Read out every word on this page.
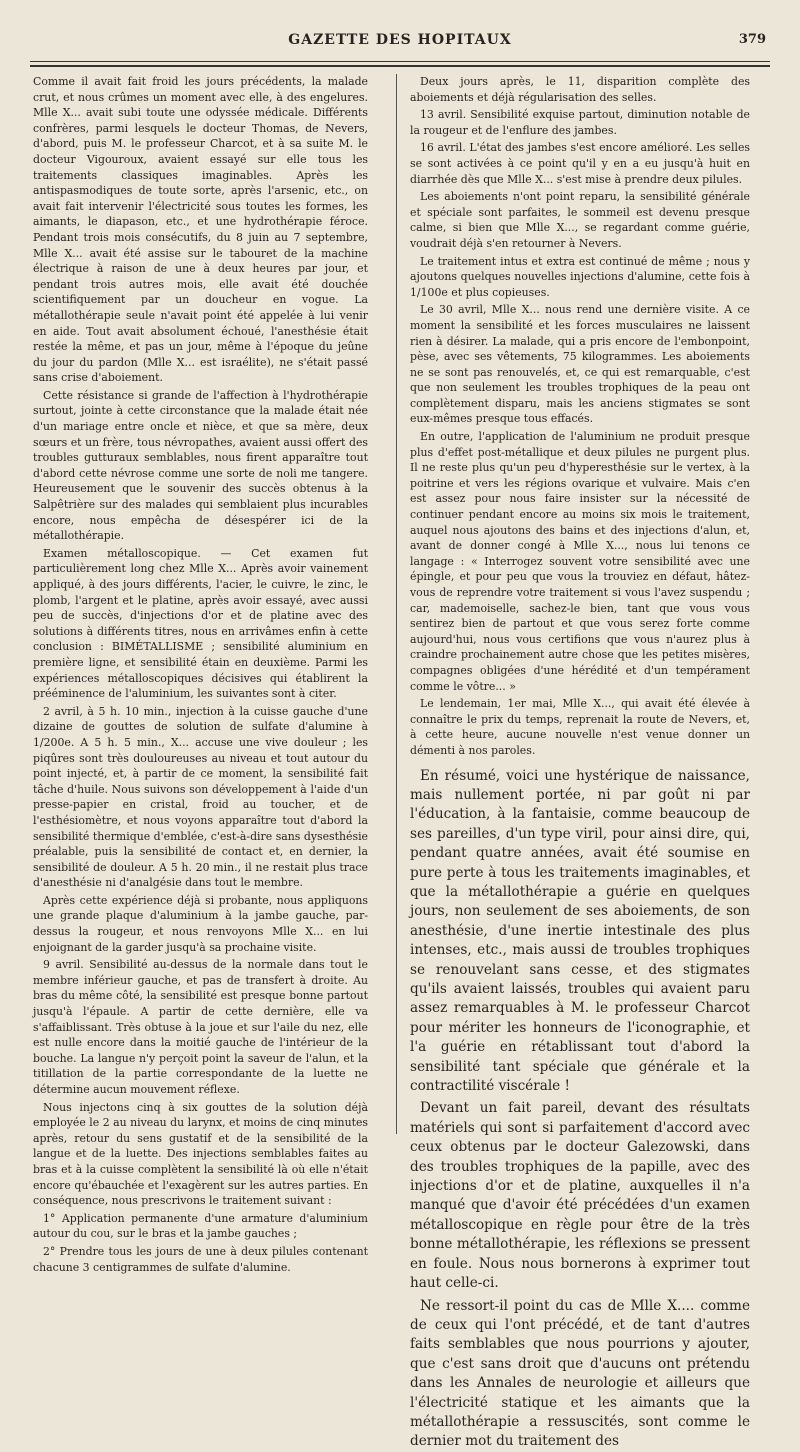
GAZETTE DES HOPITAUX	379

Comme il avait fait froid les jours précédents, la malade crut, et nous crûmes un moment avec elle, à des engelures. Mlle X... avait subi toute une odyssée médicale. Différents confrères, parmi lesquels le docteur Thomas, de Nevers, d'abord, puis M. le professeur Charcot, et à sa suite M. le docteur Vigouroux, avaient essayé sur elle tous les traitements classiques imaginables. Après les antispasmodiques de toute sorte, après l'arsenic, etc., on avait fait intervenir l'électricité sous toutes les formes, les aimants, le diapason, etc., et une hydrothérapie féroce. Pendant trois mois consécutifs, du 8 juin au 7 septembre, Mlle X... avait été assise sur le tabouret de la machine électrique à raison de une à deux heures par jour, et pendant trois autres mois, elle avait été douchée scientifiquement par un doucheur en vogue. La métallothérapie seule n'avait point été appelée à lui venir en aide. Tout avait absolument échoué, l'anesthésie était restée la même, et pas un jour, même à l'époque du jeûne du jour du pardon (Mlle X... est israélite), ne s'était passé sans crise d'aboiement.

Cette résistance si grande de l'affection à l'hydrothérapie surtout, jointe à cette circonstance que la malade était née d'un mariage entre oncle et nièce, et que sa mère, deux sœurs et un frère, tous névropathes, avaient aussi offert des troubles gutturaux semblables, nous firent apparaître tout d'abord cette névrose comme une sorte de noli me tangere. Heureusement que le souvenir des succès obtenus à la Salpêtrière sur des malades qui semblaient plus incurables encore, nous empêcha de désespérer ici de la métallothérapie.

Examen métalloscopique. — Cet examen fut particulièrement long chez Mlle X... Après avoir vainement appliqué, à des jours différents, l'acier, le cuivre, le zinc, le plomb, l'argent et le platine, après avoir essayé, avec aussi peu de succès, d'injections d'or et de platine avec des solutions à différents titres, nous en arrivâmes enfin à cette conclusion : BIMÉTALLISME ; sensibilité aluminium en première ligne, et sensibilité étain en deuxième. Parmi les expériences métalloscopiques décisives qui établirent la prééminence de l'aluminium, les suivantes sont à citer.

2 avril, à 5 h. 10 min., injection à la cuisse gauche d'une dizaine de gouttes de solution de sulfate d'alumine à 1/200e. A 5 h. 5 min., X... accuse une vive douleur ; les piqûres sont très douloureuses au niveau et tout autour du point injecté, et, à partir de ce moment, la sensibilité fait tâche d'huile. Nous suivons son développement à l'aide d'un presse-papier en cristal, froid au toucher, et de l'esthésiomètre, et nous voyons apparaître tout d'abord la sensibilité thermique d'emblée, c'est-à-dire sans dysesthésie préalable, puis la sensibilité de contact et, en dernier, la sensibilité de douleur. A 5 h. 20 min., il ne restait plus trace d'anesthésie ni d'analgésie dans tout le membre.

Après cette expérience déjà si probante, nous appliquons une grande plaque d'aluminium à la jambe gauche, par-dessus la rougeur, et nous renvoyons Mlle X... en lui enjoignant de la garder jusqu'à sa prochaine visite.

9 avril. Sensibilité au-dessus de la normale dans tout le membre inférieur gauche, et pas de transfert à droite. Au bras du même côté, la sensibilité est presque bonne partout jusqu'à l'épaule. A partir de cette dernière, elle va s'affaiblissant. Très obtuse à la joue et sur l'aile du nez, elle est nulle encore dans la moitié gauche de l'intérieur de la bouche. La langue n'y perçoit point la saveur de l'alun, et la titillation de la partie correspondante de la luette ne détermine aucun mouvement réflexe.

Nous injectons cinq à six gouttes de la solution déjà employée le 2 au niveau du larynx, et moins de cinq minutes après, retour du sens gustatif et de la sensibilité de la langue et de la luette. Des injections semblables faites au bras et à la cuisse complètent la sensibilité là où elle n'était encore qu'ébauchée et l'exagèrent sur les autres parties. En conséquence, nous prescrivons le traitement suivant :

1° Application permanente d'une armature d'aluminium autour du cou, sur le bras et la jambe gauches ;

2° Prendre tous les jours de une à deux pilules contenant chacune 3 centigrammes de sulfate d'alumine.

Deux jours après, le 11, disparition complète des aboiements et déjà régularisation des selles.

13 avril. Sensibilité exquise partout, diminution notable de la rougeur et de l'enflure des jambes.

16 avril. L'état des jambes s'est encore amélioré. Les selles se sont activées à ce point qu'il y en a eu jusqu'à huit en diarrhée dès que Mlle X... s'est mise à prendre deux pilules.

Les aboiements n'ont point reparu, la sensibilité générale et spéciale sont parfaites, le sommeil est devenu presque calme, si bien que Mlle X..., se regardant comme guérie, voudrait déjà s'en retourner à Nevers.

Le traitement intus et extra est continué de même ; nous y ajoutons quelques nouvelles injections d'alumine, cette fois à 1/100e et plus copieuses.

Le 30 avril, Mlle X... nous rend une dernière visite. A ce moment la sensibilité et les forces musculaires ne laissent rien à désirer. La malade, qui a pris encore de l'embonpoint, pèse, avec ses vêtements, 75 kilogrammes. Les aboiements ne se sont pas renouvelés, et, ce qui est remarquable, c'est que non seulement les troubles trophiques de la peau ont complètement disparu, mais les anciens stigmates se sont eux-mêmes presque tous effacés.

En outre, l'application de l'aluminium ne produit presque plus d'effet post-métallique et deux pilules ne purgent plus. Il ne reste plus qu'un peu d'hyperesthésie sur le vertex, à la poitrine et vers les régions ovarique et vulvaire. Mais c'en est assez pour nous faire insister sur la nécessité de continuer pendant encore au moins six mois le traitement, auquel nous ajoutons des bains et des injections d'alun, et, avant de donner congé à Mlle X..., nous lui tenons ce langage : « Interrogez souvent votre sensibilité avec une épingle, et pour peu que vous la trouviez en défaut, hâtez-vous de reprendre votre traitement si vous l'avez suspendu ; car, mademoiselle, sachez-le bien, tant que vous vous sentirez bien de partout et que vous serez forte comme aujourd'hui, nous vous certifions que vous n'aurez plus à craindre prochainement autre chose que les petites misères, compagnes obligées d'une hérédité et d'un tempérament comme le vôtre... »

Le lendemain, 1er mai, Mlle X..., qui avait été élevée à connaître le prix du temps, reprenait la route de Nevers, et, à cette heure, aucune nouvelle n'est venue donner un démenti à nos paroles.

En résumé, voici une hystérique de naissance, mais nullement portée, ni par goût ni par l'éducation, à la fantaisie, comme beaucoup de ses pareilles, d'un type viril, pour ainsi dire, qui, pendant quatre années, avait été soumise en pure perte à tous les traitements imaginables, et que la métallothérapie a guérie en quelques jours, non seulement de ses aboiements, de son anesthésie, d'une inertie intestinale des plus intenses, etc., mais aussi de troubles trophiques se renouvelant sans cesse, et des stigmates qu'ils avaient laissés, troubles qui avaient paru assez remarquables à M. le professeur Charcot pour mériter les honneurs de l'iconographie, et l'a guérie en rétablissant tout d'abord la sensibilité tant spéciale que générale et la contractilité viscérale !

Devant un fait pareil, devant des résultats matériels qui sont si parfaitement d'accord avec ceux obtenus par le docteur Galezowski, dans des troubles trophiques de la papille, avec des injections d'or et de platine, auxquelles il n'a manqué que d'avoir été précédées d'un examen métalloscopique en règle pour être de la très bonne métallothérapie, les réflexions se pressent en foule. Nous nous bornerons à exprimer tout haut celle-ci.

Ne ressort-il point du cas de Mlle X.... comme de ceux qui l'ont précédé, et de tant d'autres faits semblables que nous pourrions y ajouter, que c'est sans droit que d'aucuns ont prétendu dans les Annales de neurologie et ailleurs que l'électricité statique et les aimants que la métallothérapie a ressuscités, sont comme le dernier mot du traitement des
